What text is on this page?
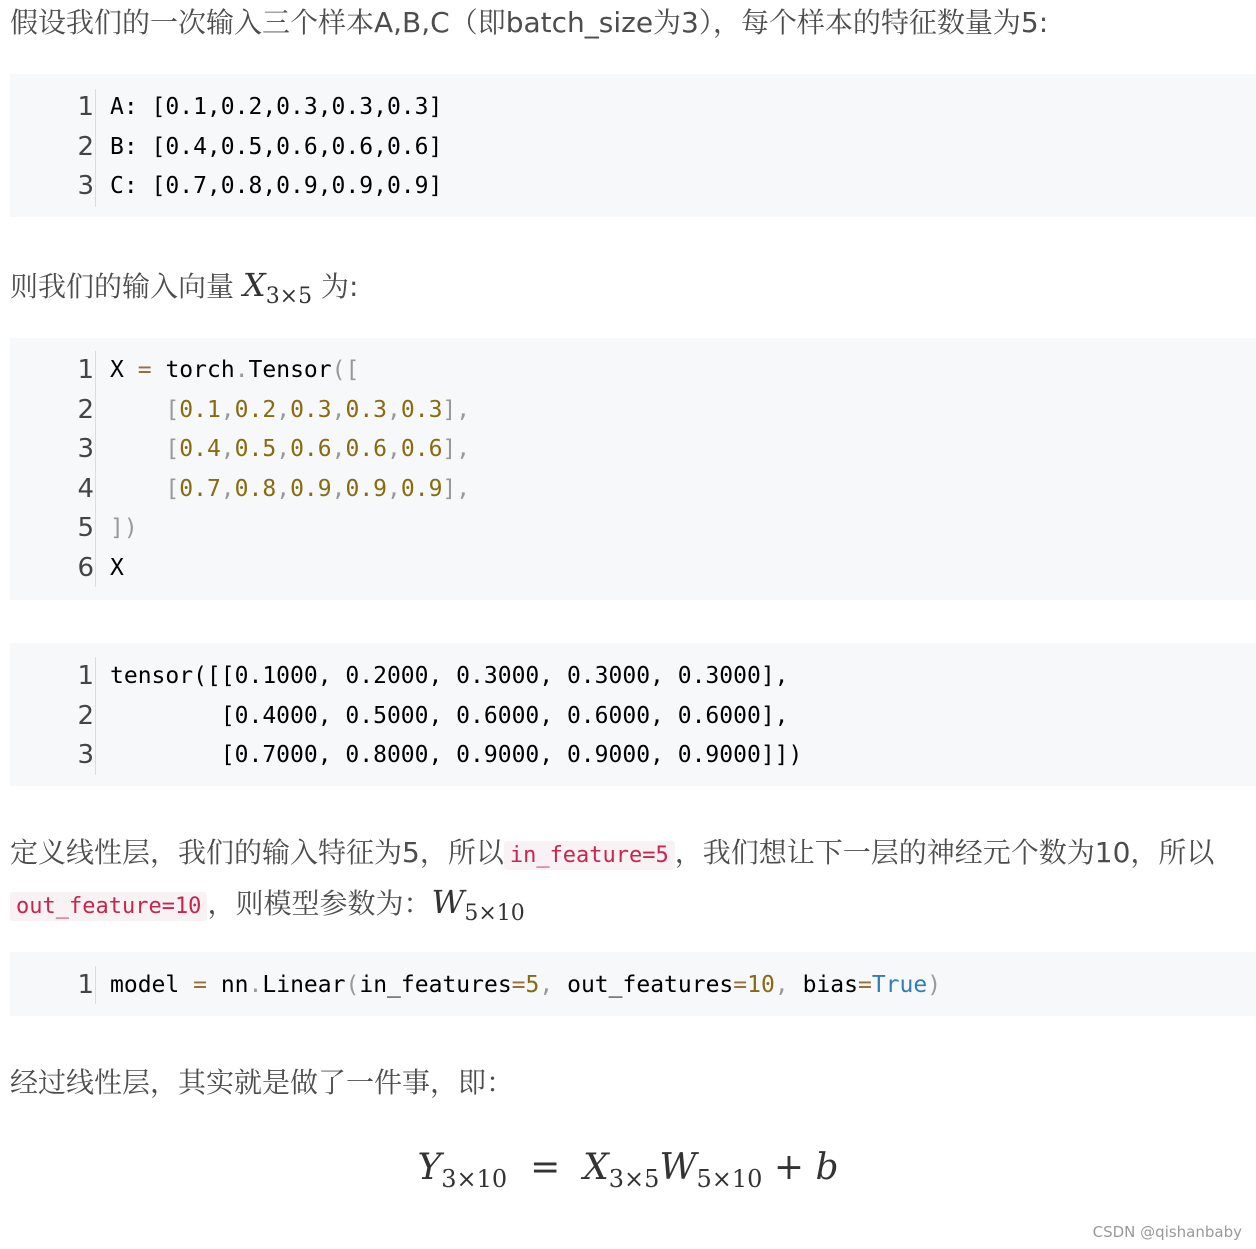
假设我们的一次输入三个样本A,B,C（即batch_size为3），每个样本的特征数量为5:
1 A: [0.1,0.2,0.3,0.3,0.3]
2 B: [0.4,0.5,0.6,0.6,0.6]
3 C: [0.7,0.8,0.9,0.9,0.9]
则我们的输入向量 $X_{3\times 5}$ 为:
1 X = torch.Tensor([
2	[0.1,0.2,0.3,0.3,0.3],
3	[0.4,0.5,0.6,0.6,0.6],
4	[0.7,0.8,0.9,0.9,0.9],
5 ])
6 X
1 tensor([[0.1000, 0.2000, 0.3000, 0.3000, 0.3000],
2 [0.4000, 0.5000, 0.6000, 0.6000, 0.6000],
3 [0.7000, 0.8000, 0.9000, 0.9000, 0.9000]])
定义线性层，我们的输入特征为5，所以 in_feature=5 ，我们想让下一层的神经元个数为10，所以out_feature=10 ，则模型参数为：$W_{5\times 10}$
1 model = nn.Linear(in_features=5, out_features=10, bias=True)
经过线性层，其实就是做了一件事，即：
$Y_{3\times 10} = X_{3\times 5}W_{5\times 10} + b$
CSDN @qishanbaby
